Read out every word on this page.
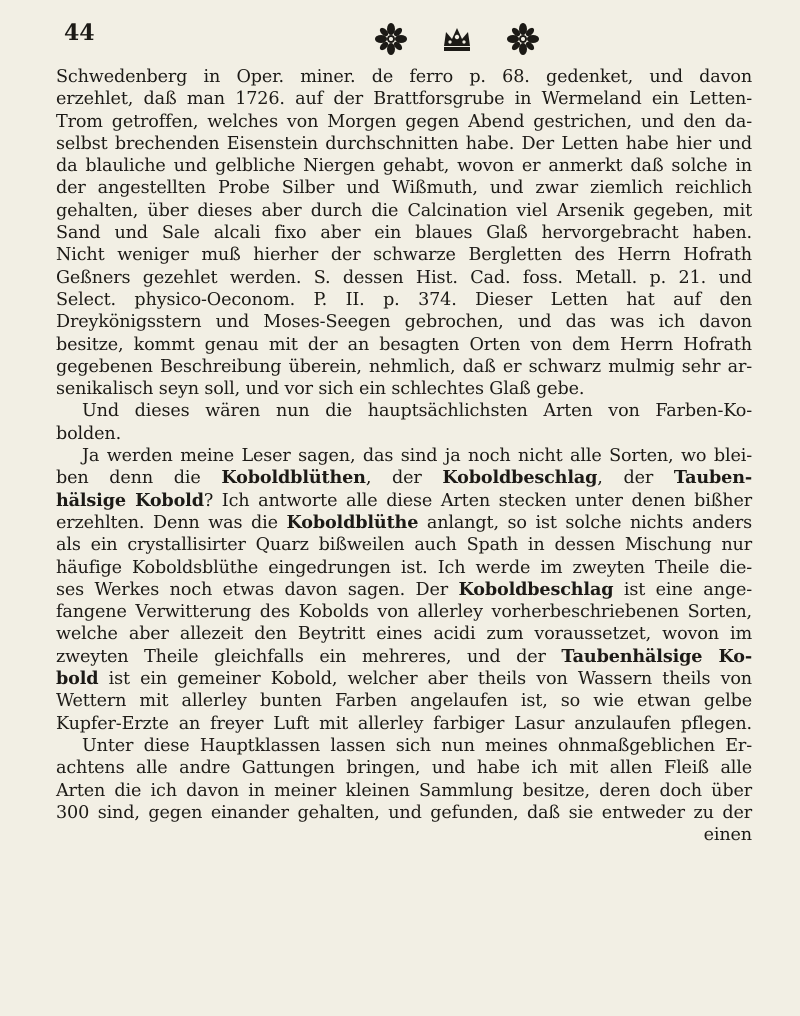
44
Schwedenberg in Oper. miner. de ferro p. 68. gedenket, und davon
erzehlet, daß man 1726. auf der Brattforsgrube in Wermeland ein Letten-
Trom getroffen, welches von Morgen gegen Abend gestrichen, und den da-
selbst brechenden Eisenstein durchschnitten habe. Der Letten habe hier und
da blauliche und gelbliche Niergen gehabt, wovon er anmerkt daß solche in
der angestellten Probe Silber und Wißmuth, und zwar ziemlich reichlich
gehalten, über dieses aber durch die Calcination viel Arsenik gegeben, mit
Sand und Sale alcali fixo aber ein blaues Glaß hervorgebracht haben.
Nicht weniger muß hierher der schwarze Bergletten des Herrn Hofrath
Geßners gezehlet werden. S. dessen Hist. Cad. foss. Metall. p. 21. und
Select. physico-Oeconom. P. II. p. 374. Dieser Letten hat auf den
Dreykönigsstern und Moses-Seegen gebrochen, und das was ich davon
besitze, kommt genau mit der an besagten Orten von dem Herrn Hofrath
gegebenen Beschreibung überein, nehmlich, daß er schwarz mulmig sehr ar-
senikalisch seyn soll, und vor sich ein schlechtes Glaß gebe.
Und dieses wären nun die hauptsächlichsten Arten von Farben-Ko-
bolden.
Ja werden meine Leser sagen, das sind ja noch nicht alle Sorten, wo blei-
ben denn die Koboldblüthen, der Koboldbeschlag, der Tauben-
hälsige Kobold? Ich antworte alle diese Arten stecken unter denen bißher
erzehlten. Denn was die Koboldblüthe anlangt, so ist solche nichts anders
als ein crystallisirter Quarz bißweilen auch Spath in dessen Mischung nur
häufige Koboldsblüthe eingedrungen ist. Ich werde im zweyten Theile die-
ses Werkes noch etwas davon sagen. Der Koboldbeschlag ist eine ange-
fangene Verwitterung des Kobolds von allerley vorherbeschriebenen Sorten,
welche aber allezeit den Beytritt eines acidi zum voraussetzet, wovon im
zweyten Theile gleichfalls ein mehreres, und der Taubenhälsige Ko-
bold ist ein gemeiner Kobold, welcher aber theils von Wassern theils von
Wettern mit allerley bunten Farben angelaufen ist, so wie etwan gelbe
Kupfer-Erzte an freyer Luft mit allerley farbiger Lasur anzulaufen pflegen.
Unter diese Hauptklassen lassen sich nun meines ohnmaßgeblichen Er-
achtens alle andre Gattungen bringen, und habe ich mit allen Fleiß alle
Arten die ich davon in meiner kleinen Sammlung besitze, deren doch über
300 sind, gegen einander gehalten, und gefunden, daß sie entweder zu der
einen
